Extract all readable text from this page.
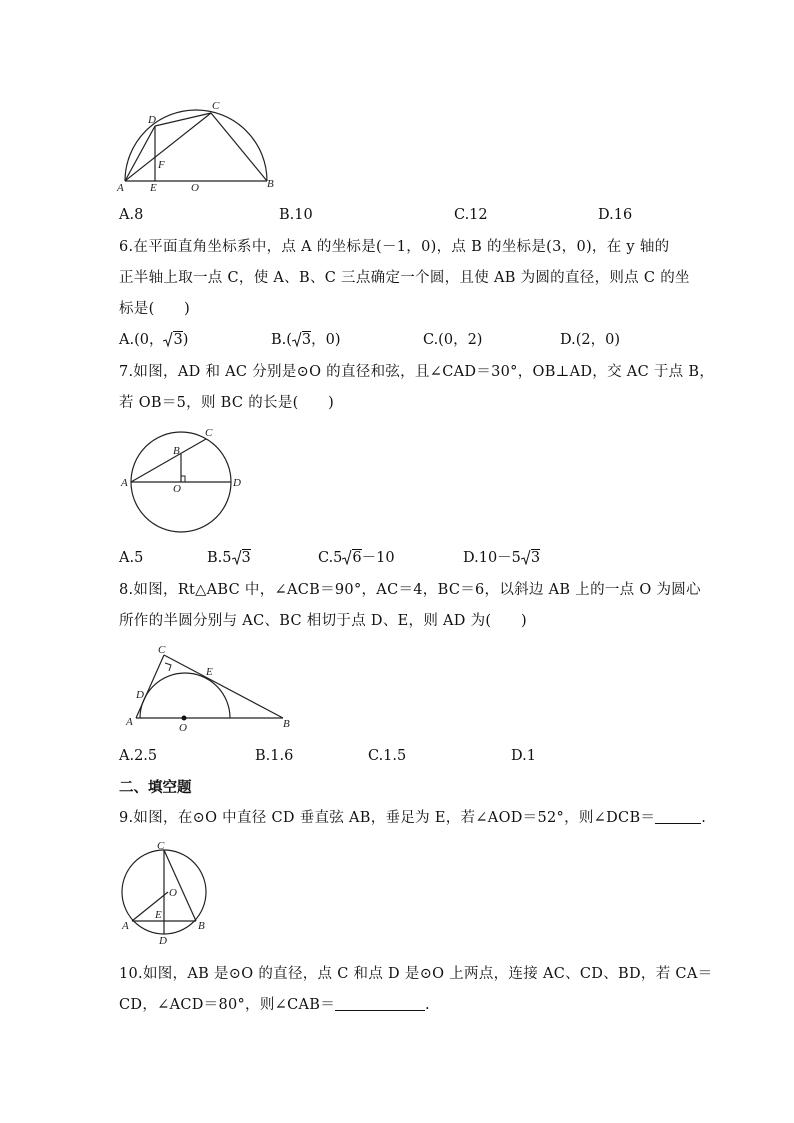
A E	O	B
C
D
F
A.8	B.10	C.12	D.16
6.在平面直角坐标系中，点 A 的坐标是(－1，0)，点 B 的坐标是(3，0)，在 y 轴的
正半轴上取一点 C，使 A、B、C 三点确定一个圆，且使 AB 为圆的直径，则点 C 的坐
标是(　　)
A.(0， 3)	B.( 3，0)	C.(0，2)	D.(2，0)
7.如图，AD 和 AC 分别是⊙O 的直径和弦，且∠CAD＝30°，OB⊥AD，交 AC 于点 B，
若 OB＝5，则 BC 的长是(　　)
A	D
O
B
C
A.5	B.5 3	C.5 6－10	D.10－5 3
8.如图，Rt△ABC 中，∠ACB＝90°，AC＝4，BC＝6，以斜边 AB 上的一点 O 为圆心
所作的半圆分别与 AC、BC 相切于点 D、E，则 AD 为(　　)
A	B
C
D
E
O
A.2.5	B.1.6	C.1.5	D.1
二、填空题
9.如图，在⊙O 中直径 CD 垂直弦 AB，垂足为 E，若∠AOD＝52°，则∠DCB＝	.
C
O
E
A	B
D
10.如图，AB 是⊙O 的直径，点 C 和点 D 是⊙O 上两点，连接 AC、CD、BD，若 CA＝
CD，∠ACD＝80°，则∠CAB＝	.
